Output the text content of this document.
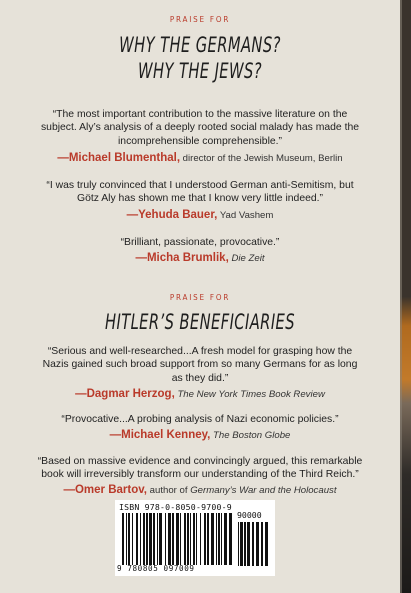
PRAISE FOR
WHY THE GERMANS?
WHY THE JEWS?
“The most important contribution to the massive literature on the
subject. Aly’s analysis of a deeply rooted social malady has made the
incomprehensible comprehensible.”
—Michael Blumenthal, director of the Jewish Museum, Berlin
“I was truly convinced that I understood German anti-Semitism, but
Götz Aly has shown me that I know very little indeed.”
—Yehuda Bauer, Yad Vashem
“Brilliant, passionate, provocative.”
—Micha Brumlik, Die Zeit
PRAISE FOR
HITLER’S BENEFICIARIES
“Serious and well-researched...A fresh model for grasping how the
Nazis gained such broad support from so many Germans for as long
as they did.”
—Dagmar Herzog, The New York Times Book Review
“Provocative...A probing analysis of Nazi economic policies.”
—Michael Kenney, The Boston Globe
“Based on massive evidence and convincingly argued, this remarkable
book will irreversibly transform our understanding of the Third Reich.”
—Omer Bartov, author of Germany’s War and the Holocaust
ISBN 978-0-8050-9700-9
90000
9 780805 097009
